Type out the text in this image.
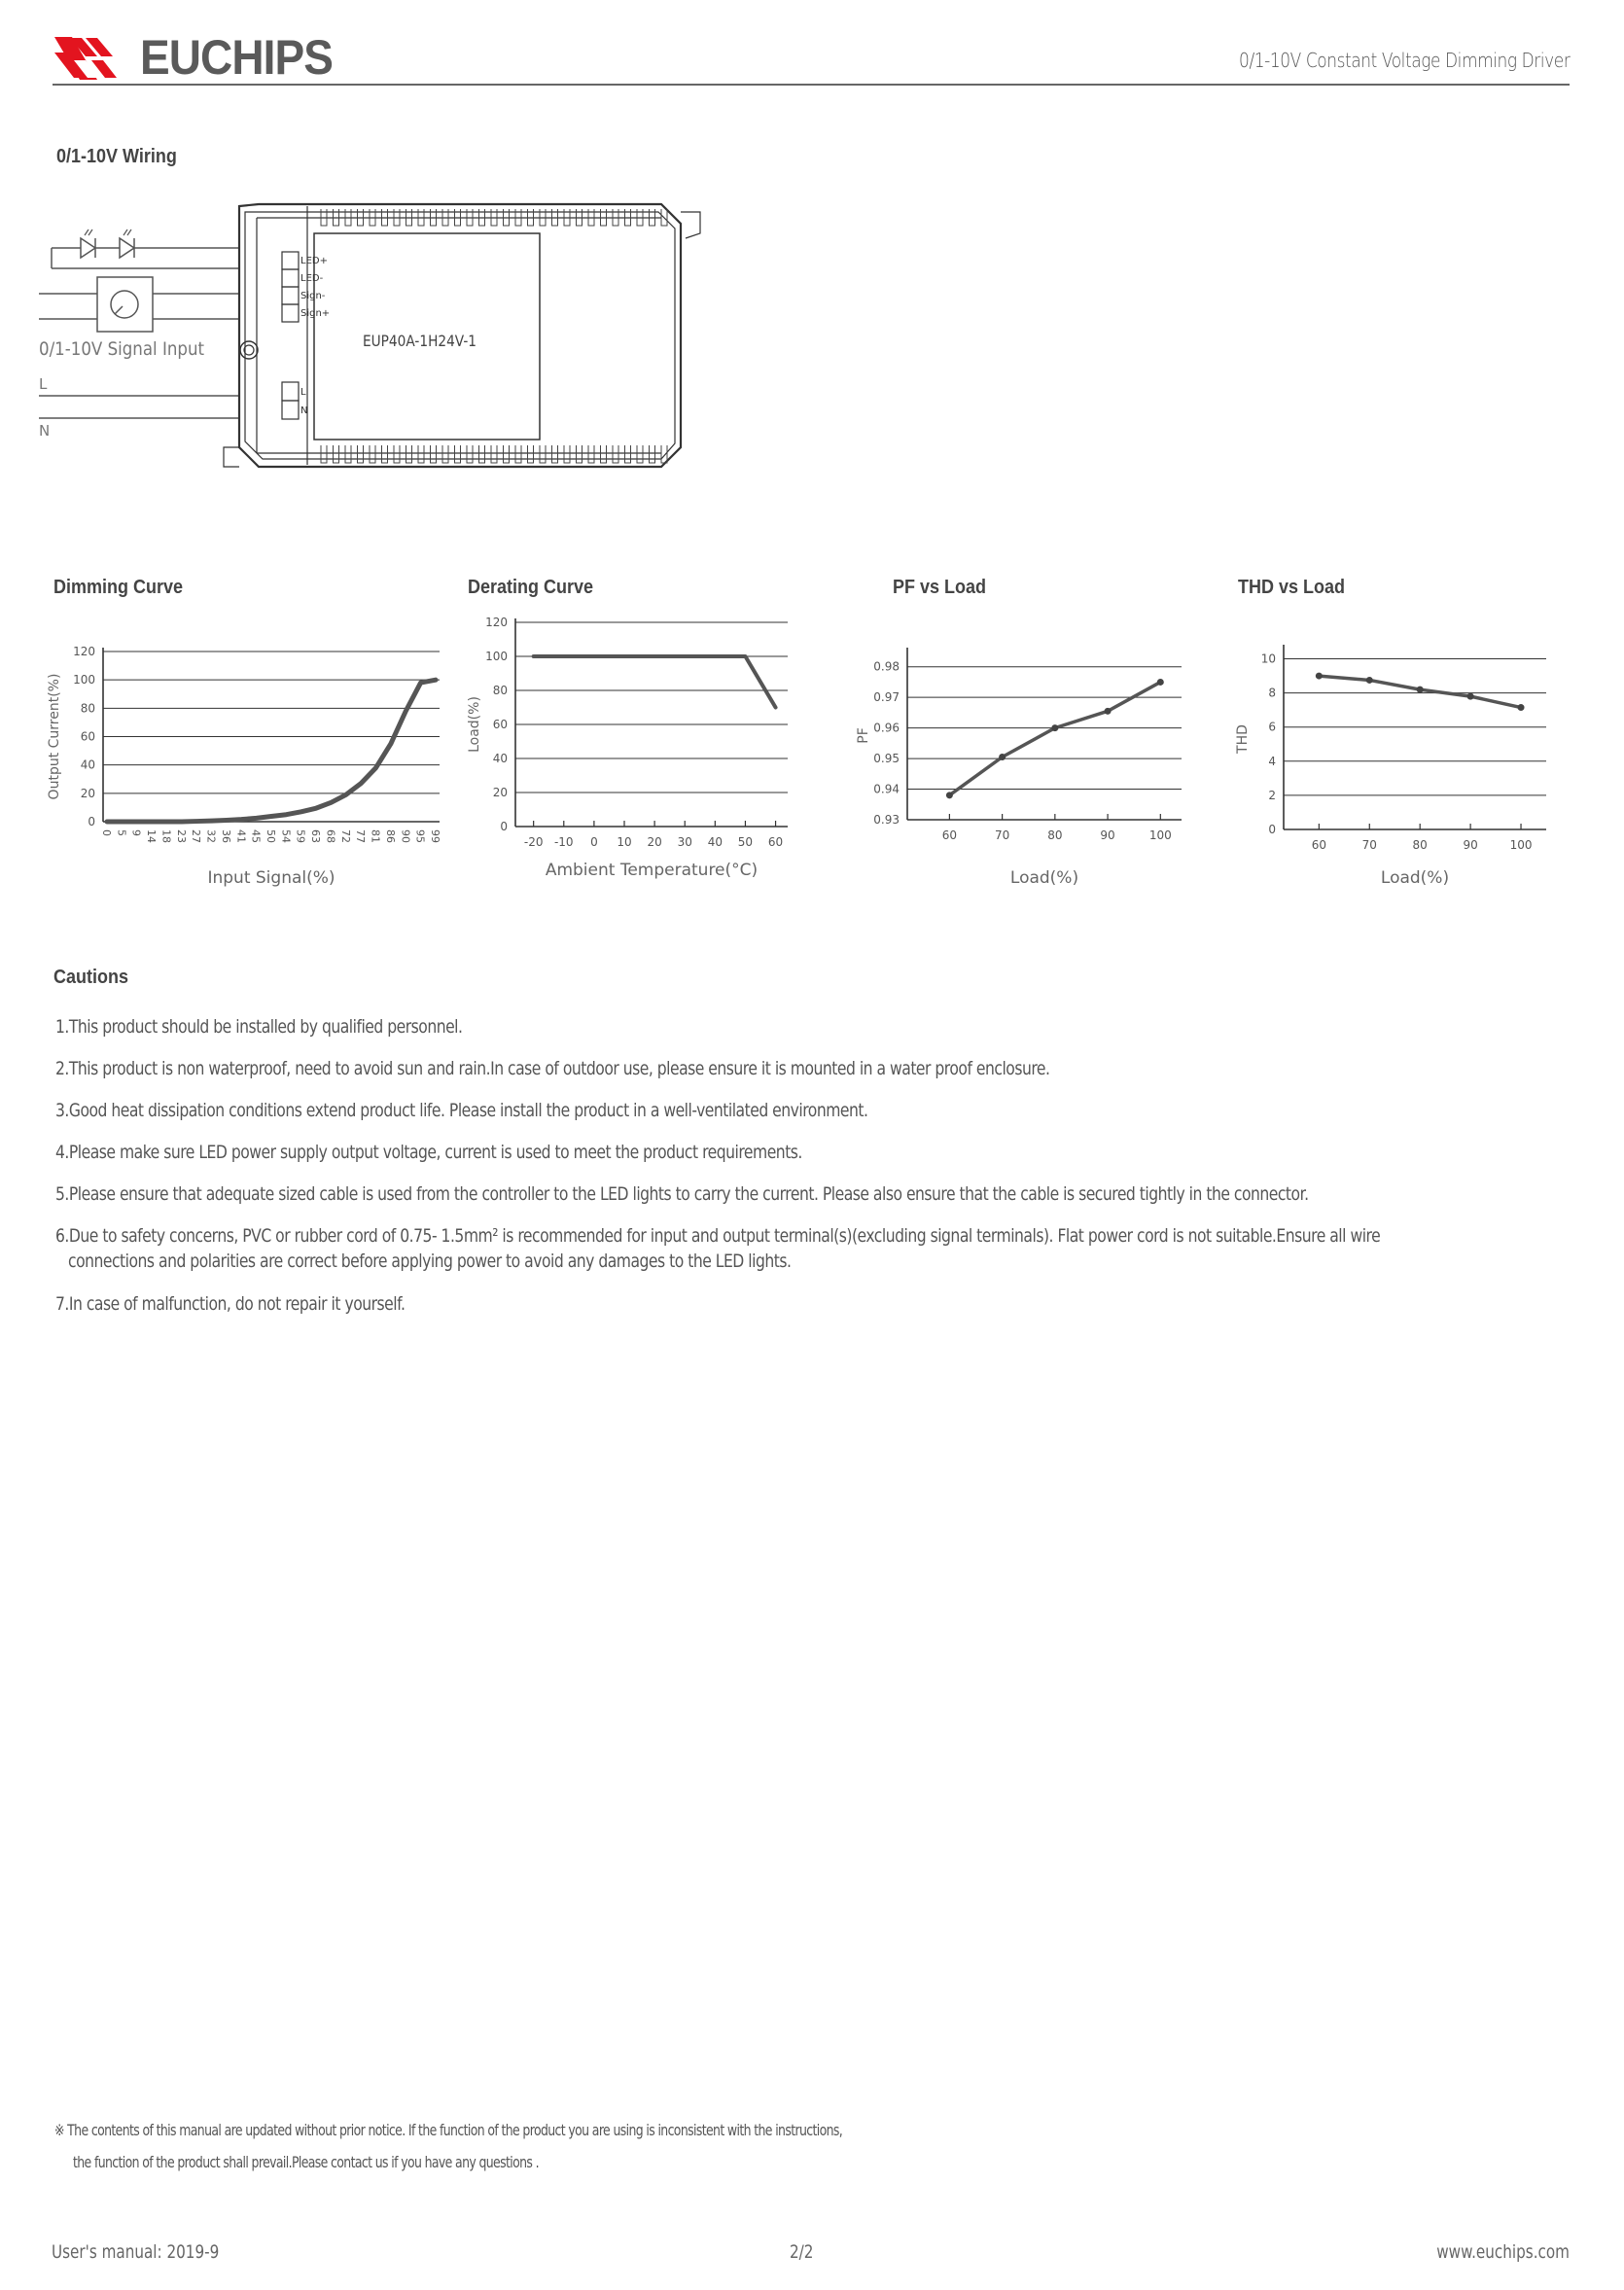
EUCHIPS	0/1-10V Constant Voltage Dimming Driver
0/1-10V Wiring
LED+
LED-
Sign-
Sign+
L
N
EUP40A-1H24V-1
0/1-10V Signal Input
L
N
Dimming Curve	Derating Curve	PF vs Load	THD vs Load
0
20
40
60
80
100
120
0 5 9 14 18 23 27 32 36 41 45 50 54 59 63 68 72 77 81 86 90 95 99
Output Current(%)
Input Signal(%)
0
20
40
60
80
100
120
-20 -10 0 10 20 30 40 50 60
Load(%)
Ambient Temperature(°C)
0.93
0.94
0.95
0.96
0.97
0.98
60	70	80	90	100
PF
Load(%)
0
2
4
6
8
10
60	70	80	90	100
THD
Load(%)
Cautions
1.This product should be installed by qualified personnel.
2.This product is non waterproof, need to avoid sun and rain.In case of outdoor use, please ensure it is mounted in a water proof enclosure.
3.Good heat dissipation conditions extend product life. Please install the product in a well-ventilated environment.
4.Please make sure LED power supply output voltage, current is used to meet the product requirements.
5.Please ensure that adequate sized cable is used from the controller to the LED lights to carry the current. Please also ensure that the cable is secured tightly in the connector.
6.Due to safety concerns, PVC or rubber cord of 0.75- 1.5mm² is recommended for input and output terminal(s)(excluding signal terminals). Flat power cord is not suitable.Ensure all wire
connections and polarities are correct before applying power to avoid any damages to the LED lights.
7.In case of malfunction, do not repair it yourself.
※ The contents of this manual are updated without prior notice. If the function of the product you are using is inconsistent with the instructions,
the function of the product shall prevail.Please contact us if you have any questions .
User's manual: 2019-9	2/2	www.euchips.com
